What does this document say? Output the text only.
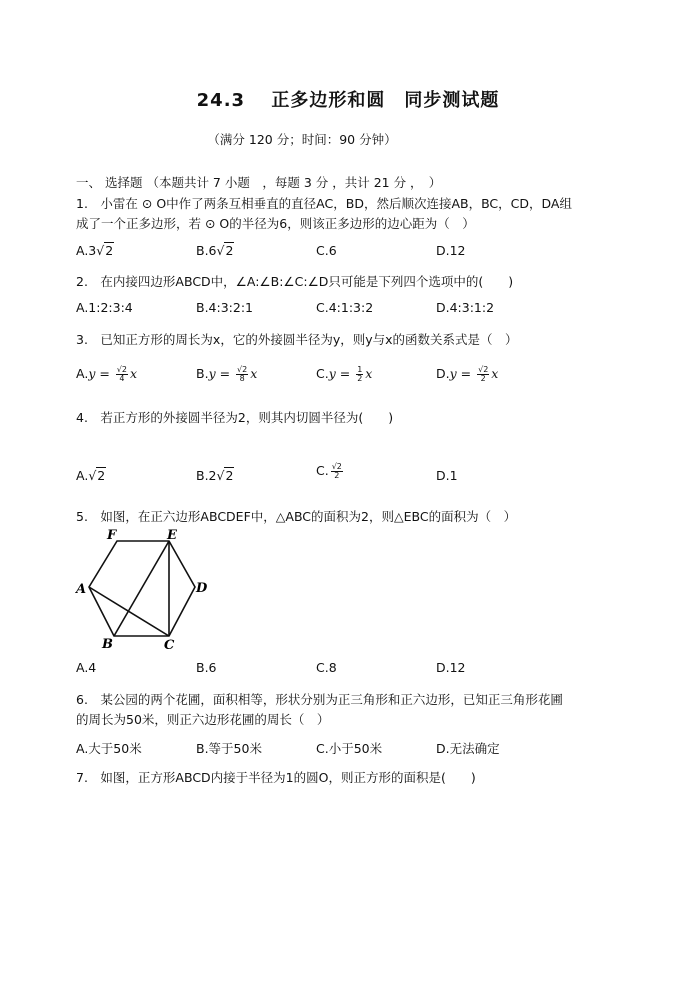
24.3　 正多边形和圆　同步测试题
（满分 120 分；时间：90 分钟）
一、 选择题 （本题共计 7 小题　，每题 3 分 ，共计 21 分 ，　）
1.　小雷在 ⊙ O中作了两条互相垂直的直径AC，BD，然后顺次连接AB，BC，CD，DA组
成了一个正多边形，若 ⊙ O的半径为6，则该正多边形的边心距为（　）
A.3√2	B.6√2	C.6	D.12
2.　在内接四边形ABCD中，∠A:∠B:∠C:∠D只可能是下列四个选项中的(　　)
A.1:2:3:4	B.4:3:2:1	C.4:1:3:2	D.4:3:1:2
3.　已知正方形的周长为x，它的外接圆半径为y，则y与x的函数关系式是（　）
$A.y = \frac{√2}{4}$ x	$B.y = \frac{√2}{8}$ x	$C.y = \frac{1}{2}$ x	$D.y = \frac{√2}{2}$ x
4.　若正方形的外接圆半径为2，则其内切圆半径为(　　)
A.√2	B.2√2	C. $\frac{√2}{2}$	D.1
5.　如图，在正六边形ABCDEF中，△ABC的面积为2，则△EBC的面积为（　）
F	E
A	D
B	C
A.4	B.6	C.8	D.12
6.　某公园的两个花圃，面积相等，形状分别为正三角形和正六边形，已知正三角形花圃
的周长为50米，则正六边形花圃的周长（　）
A.大于50米	B.等于50米	C.小于50米	D.无法确定
7.　如图，正方形ABCD内接于半径为1的圆O，则正方形的面积是(　　)
